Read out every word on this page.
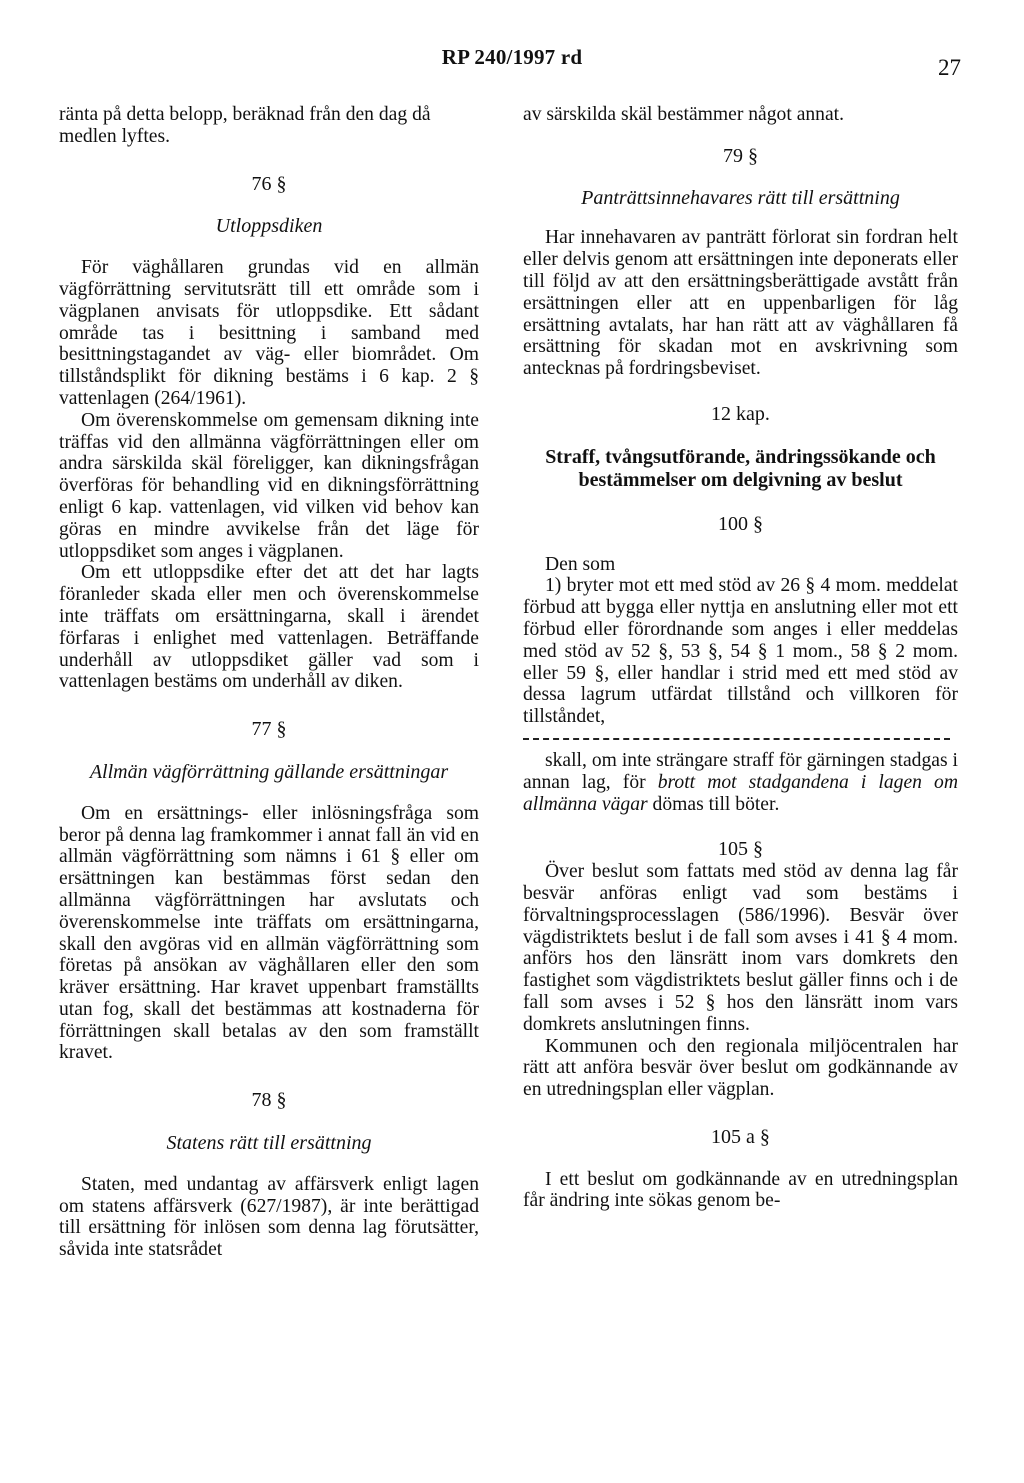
RP 240/1997 rd	27

ränta på detta belopp, beräknad från den dag då medlen lyftes.

76 §
Utloppsdiken

För väghållaren grundas vid en allmän vägförrättning servitutsrätt till ett område som i vägplanen anvisats för utloppsdike. Ett sådant område tas i besittning i samband med besittningstagandet av väg- eller biområdet. Om tillståndsplikt för dikning bestäms i 6 kap. 2 § vattenlagen (264/1961).

Om överenskommelse om gemensam dikning inte träffas vid den allmänna vägförrättningen eller om andra särskilda skäl föreligger, kan dikningsfrågan överföras för behandling vid en dikningsförrättning enligt 6 kap. vattenlagen, vid vilken vid behov kan göras en mindre avvikelse från det läge för utloppsdiket som anges i vägplanen.

Om ett utloppsdike efter det att det har lagts föranleder skada eller men och överenskommelse inte träffats om ersättningarna, skall i ärendet förfaras i enlighet med vattenlagen. Beträffande underhåll av utloppsdiket gäller vad som i vattenlagen bestäms om underhåll av diken.

77 §
Allmän vägförrättning gällande ersättningar

Om en ersättnings- eller inlösningsfråga som beror på denna lag framkommer i annat fall än vid en allmän vägförrättning som nämns i 61 § eller om ersättningen kan bestämmas först sedan den allmänna vägförrättningen har avslutats och överenskommelse inte träffats om ersättningarna, skall den avgöras vid en allmän vägförrättning som företas på ansökan av väghållaren eller den som kräver ersättning. Har kravet uppenbart framställts utan fog, skall det bestämmas att kostnaderna för förrättningen skall betalas av den som framställt kravet.

78 §
Statens rätt till ersättning

Staten, med undantag av affärsverk enligt lagen om statens affärsverk (627/1987), är inte berättigad till ersättning för inlösen som denna lag förutsätter, såvida inte statsrådet

av särskilda skäl bestämmer något annat.

79 §
Panträttsinnehavares rätt till ersättning

Har innehavaren av panträtt förlorat sin fordran helt eller delvis genom att ersättningen inte deponerats eller till följd av att den ersättningsberättigade avstått från ersättningen eller att en uppenbarligen för låg ersättning avtalats, har han rätt att av väghållaren få ersättning för skadan mot en avskrivning som antecknas på fordringsbeviset.

12 kap.
Straff, tvångsutförande, ändringssökande och bestämmelser om delgivning av beslut
100 §

Den som

1) bryter mot ett med stöd av 26 § 4 mom. meddelat förbud att bygga eller nyttja en anslutning eller mot ett förbud eller förordnande som anges i eller meddelas med stöd av 52 §, 53 §, 54 § 1 mom., 58 § 2 mom. eller 59 §, eller handlar i strid med ett med stöd av dessa lagrum utfärdat tillstånd och villkoren för tillståndet,

skall, om inte strängare straff för gärningen stadgas i annan lag, för brott mot stadgandena i lagen om allmänna vägar dömas till böter.

105 §

Över beslut som fattats med stöd av denna lag får besvär anföras enligt vad som bestäms i förvaltningsprocesslagen (586/1996). Besvär över vägdistriktets beslut i de fall som avses i 41 § 4 mom. anförs hos den länsrätt inom vars domkrets den fastighet som vägdistriktets beslut gäller finns och i de fall som avses i 52 § hos den länsrätt inom vars domkrets anslutningen finns.

Kommunen och den regionala miljöcentralen har rätt att anföra besvär över beslut om godkännande av en utredningsplan eller vägplan.

105 a §

I ett beslut om godkännande av en utredningsplan får ändring inte sökas genom be-
